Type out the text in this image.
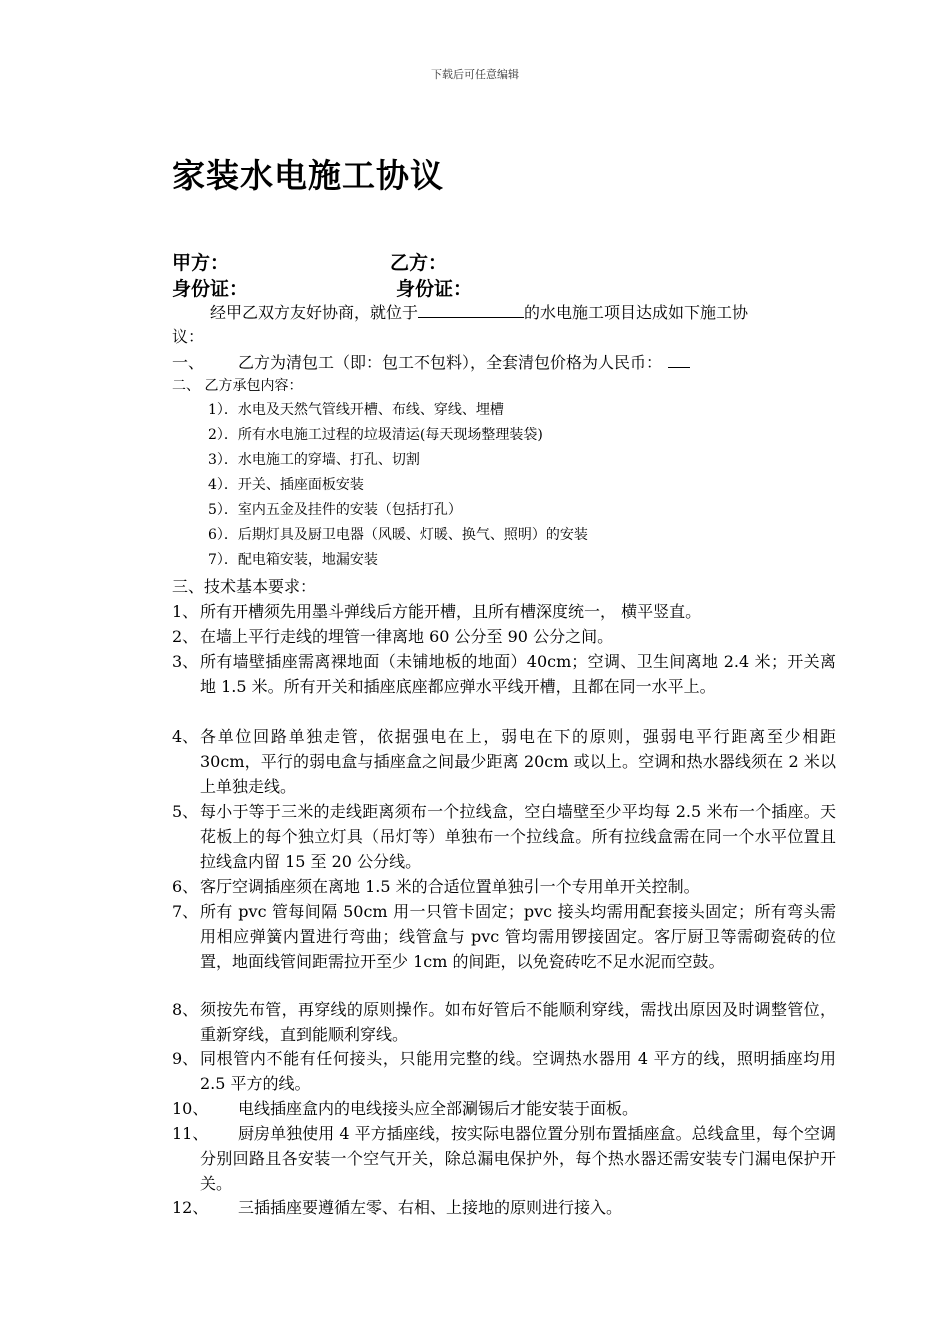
下载后可任意编辑
家装水电施工协议
甲方：	乙方：
身份证：	身份证：
经甲乙双方友好协商，就位于	的水电施工项目达成如下施工协
议：
一、 乙方为清包工（即：包工不包料），全套清包价格为人民币：
二、 乙方承包内容：
1）．水电及天然气管线开槽、布线、穿线、埋槽
2）．所有水电施工过程的垃圾清运(每天现场整理装袋)
3）．水电施工的穿墙、打孔、切割
4）．开关、插座面板安装
5）．室内五金及挂件的安装（包括打孔）
6）．后期灯具及厨卫电器（风暖、灯暖、换气、照明）的安装
7）．配电箱安装，地漏安装
三、技术基本要求：
1、 所有开槽须先用墨斗弹线后方能开槽，且所有槽深度统一， 横平竖直。
2、 在墙上平行走线的埋管一律离地 60 公分至 90 公分之间。
3、 所有墙壁插座需离裸地面（未铺地板的地面）40cm；空调、卫生间离地 2.4 米；开关离地 1.5 米。所有开关和插座底座都应弹水平线开槽，且都在同一水平上。
4、 各单位回路单独走管，依据强电在上，弱电在下的原则，强弱电平行距离至少相距 30cm，平行的弱电盒与插座盒之间最少距离 20cm 或以上。空调和热水器线须在 2 米以上单独走线。
5、 每小于等于三米的走线距离须布一个拉线盒，空白墙壁至少平均每 2.5 米布一个插座。天花板上的每个独立灯具（吊灯等）单独布一个拉线盒。所有拉线盒需在同一个水平位置且拉线盒内留 15 至 20 公分线。
6、 客厅空调插座须在离地 1.5 米的合适位置单独引一个专用单开关控制。
7、 所有 pvc 管每间隔 50cm 用一只管卡固定；pvc 接头均需用配套接头固定；所有弯头需用相应弹簧内置进行弯曲；线管盒与 pvc 管均需用锣接固定。客厅厨卫等需砌瓷砖的位置，地面线管间距需拉开至少 1cm 的间距，以免瓷砖吃不足水泥而空鼓。
8、 须按先布管，再穿线的原则操作。如布好管后不能顺利穿线，需找出原因及时调整管位，重新穿线，直到能顺利穿线。
9、 同根管内不能有任何接头，只能用完整的线。空调热水器用 4 平方的线，照明插座均用 2.5 平方的线。
10、	电线插座盒内的电线接头应全部涮锡后才能安装于面板。
11、	厨房单独使用 4 平方插座线，按实际电器位置分别布置插座盒。总线盒里，每个空调分别回路且各安装一个空气开关，除总漏电保护外，每个热水器还需安装专门漏电保护开关。
12、	三插插座要遵循左零、右相、上接地的原则进行接入。
